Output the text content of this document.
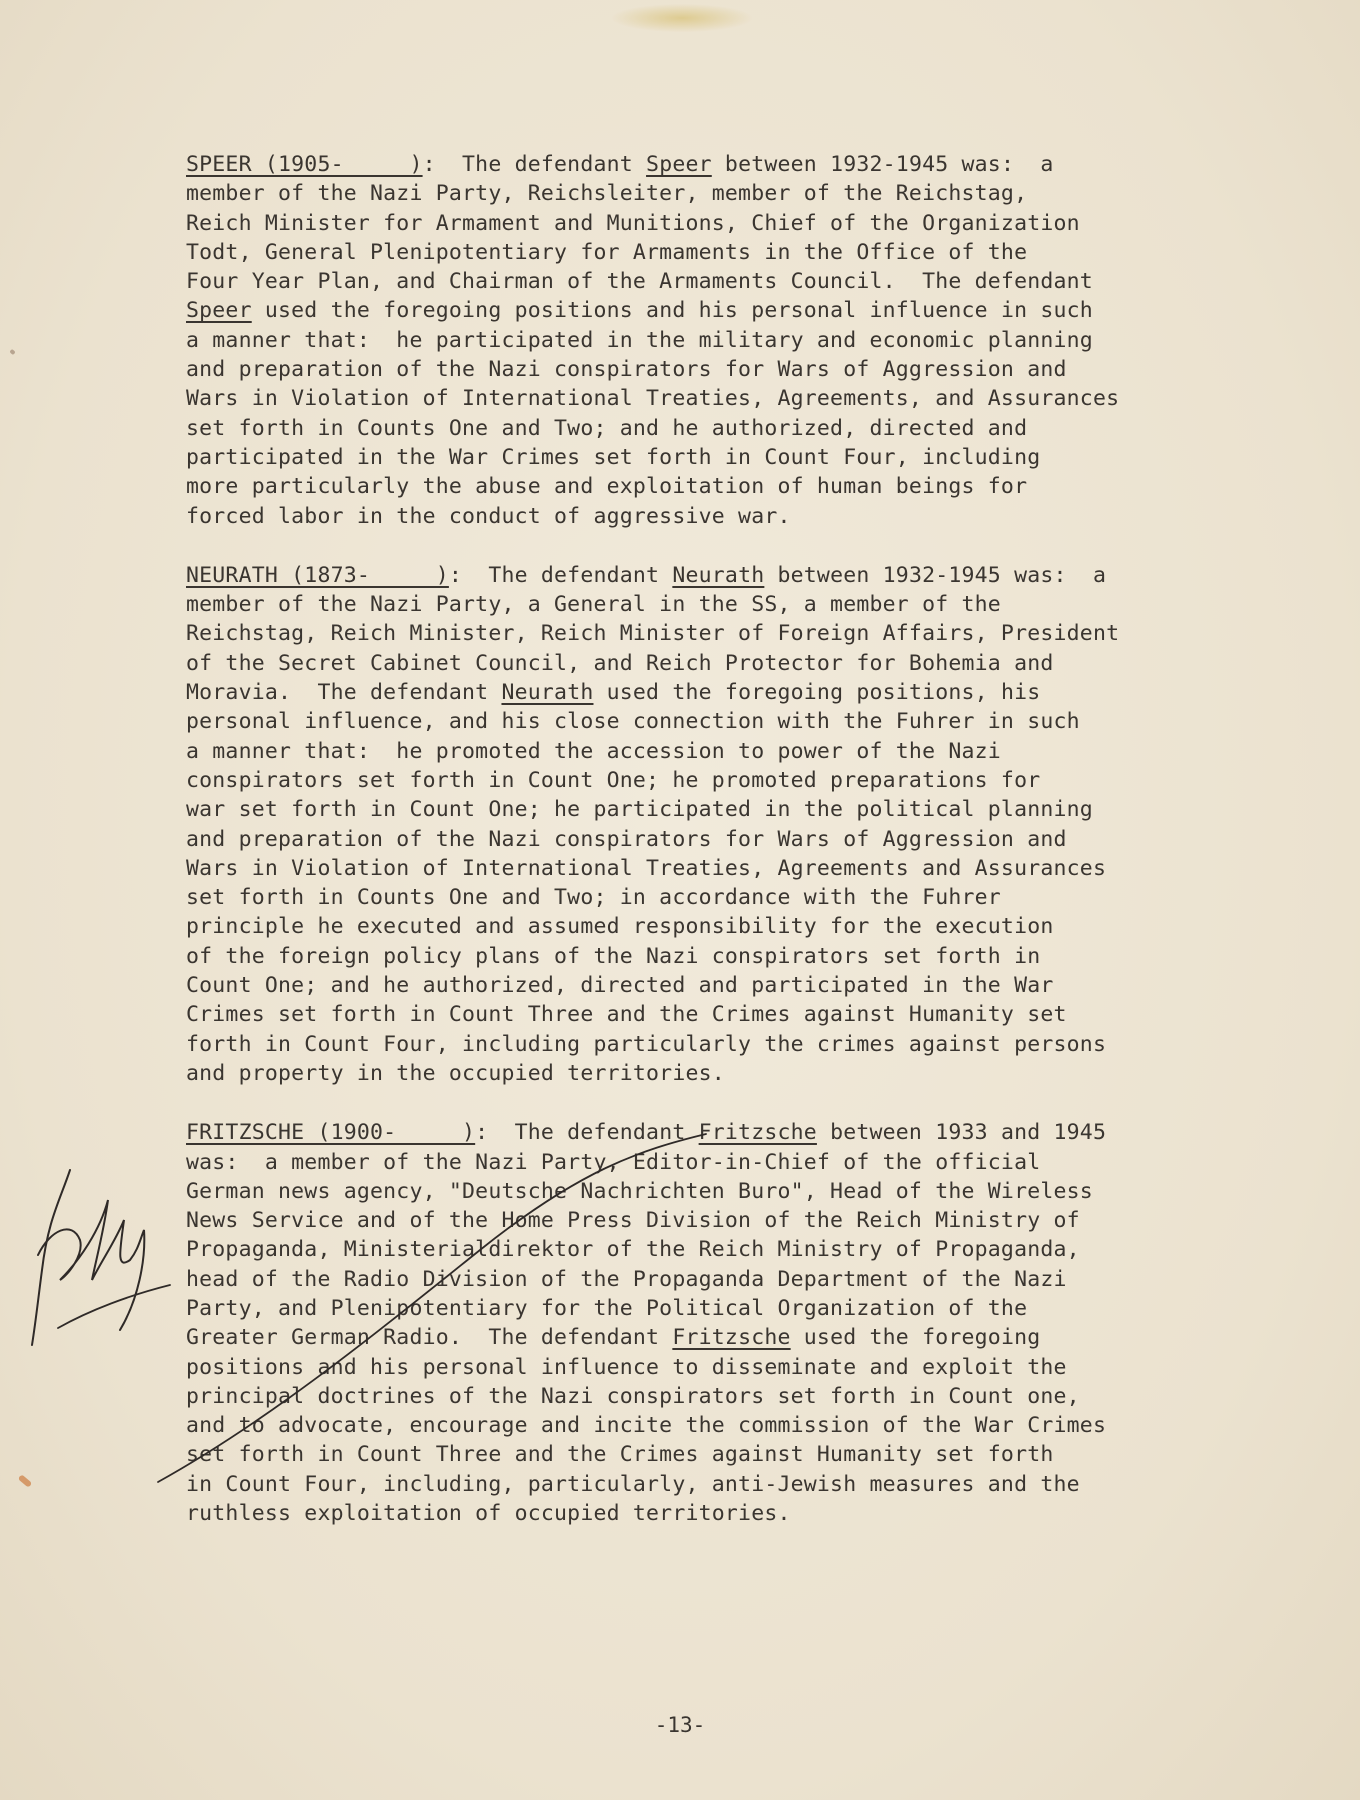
SPEER (1905-     ):  The defendant Speer between 1932-1945 was:  a
member of the Nazi Party, Reichsleiter, member of the Reichstag,
Reich Minister for Armament and Munitions, Chief of the Organization
Todt, General Plenipotentiary for Armaments in the Office of the
Four Year Plan, and Chairman of the Armaments Council.  The defendant
Speer used the foregoing positions and his personal influence in such
a manner that:  he participated in the military and economic planning
and preparation of the Nazi conspirators for Wars of Aggression and
Wars in Violation of International Treaties, Agreements, and Assurances
set forth in Counts One and Two; and he authorized, directed and
participated in the War Crimes set forth in Count Four, including
more particularly the abuse and exploitation of human beings for
forced labor in the conduct of aggressive war.
NEURATH (1873-     ):  The defendant Neurath between 1932-1945 was:  a
member of the Nazi Party, a General in the SS, a member of the
Reichstag, Reich Minister, Reich Minister of Foreign Affairs, President
of the Secret Cabinet Council, and Reich Protector for Bohemia and
Moravia.  The defendant Neurath used the foregoing positions, his
personal influence, and his close connection with the Fuhrer in such
a manner that:  he promoted the accession to power of the Nazi
conspirators set forth in Count One; he promoted preparations for
war set forth in Count One; he participated in the political planning
and preparation of the Nazi conspirators for Wars of Aggression and
Wars in Violation of International Treaties, Agreements and Assurances
set forth in Counts One and Two; in accordance with the Fuhrer
principle he executed and assumed responsibility for the execution
of the foreign policy plans of the Nazi conspirators set forth in
Count One; and he authorized, directed and participated in the War
Crimes set forth in Count Three and the Crimes against Humanity set
forth in Count Four, including particularly the crimes against persons
and property in the occupied territories.
FRITZSCHE (1900-     ):  The defendant Fritzsche between 1933 and 1945
was:  a member of the Nazi Party, Editor-in-Chief of the official
German news agency, "Deutsche Nachrichten Buro", Head of the Wireless
News Service and of the Home Press Division of the Reich Ministry of
Propaganda, Ministerialdirektor of the Reich Ministry of Propaganda,
head of the Radio Division of the Propaganda Department of the Nazi
Party, and Plenipotentiary for the Political Organization of the
Greater German Radio.  The defendant Fritzsche used the foregoing
positions and his personal influence to disseminate and exploit the
principal doctrines of the Nazi conspirators set forth in Count one,
and to advocate, encourage and incite the commission of the War Crimes
set forth in Count Three and the Crimes against Humanity set forth
in Count Four, including, particularly, anti-Jewish measures and the
ruthless exploitation of occupied territories.
-13-
